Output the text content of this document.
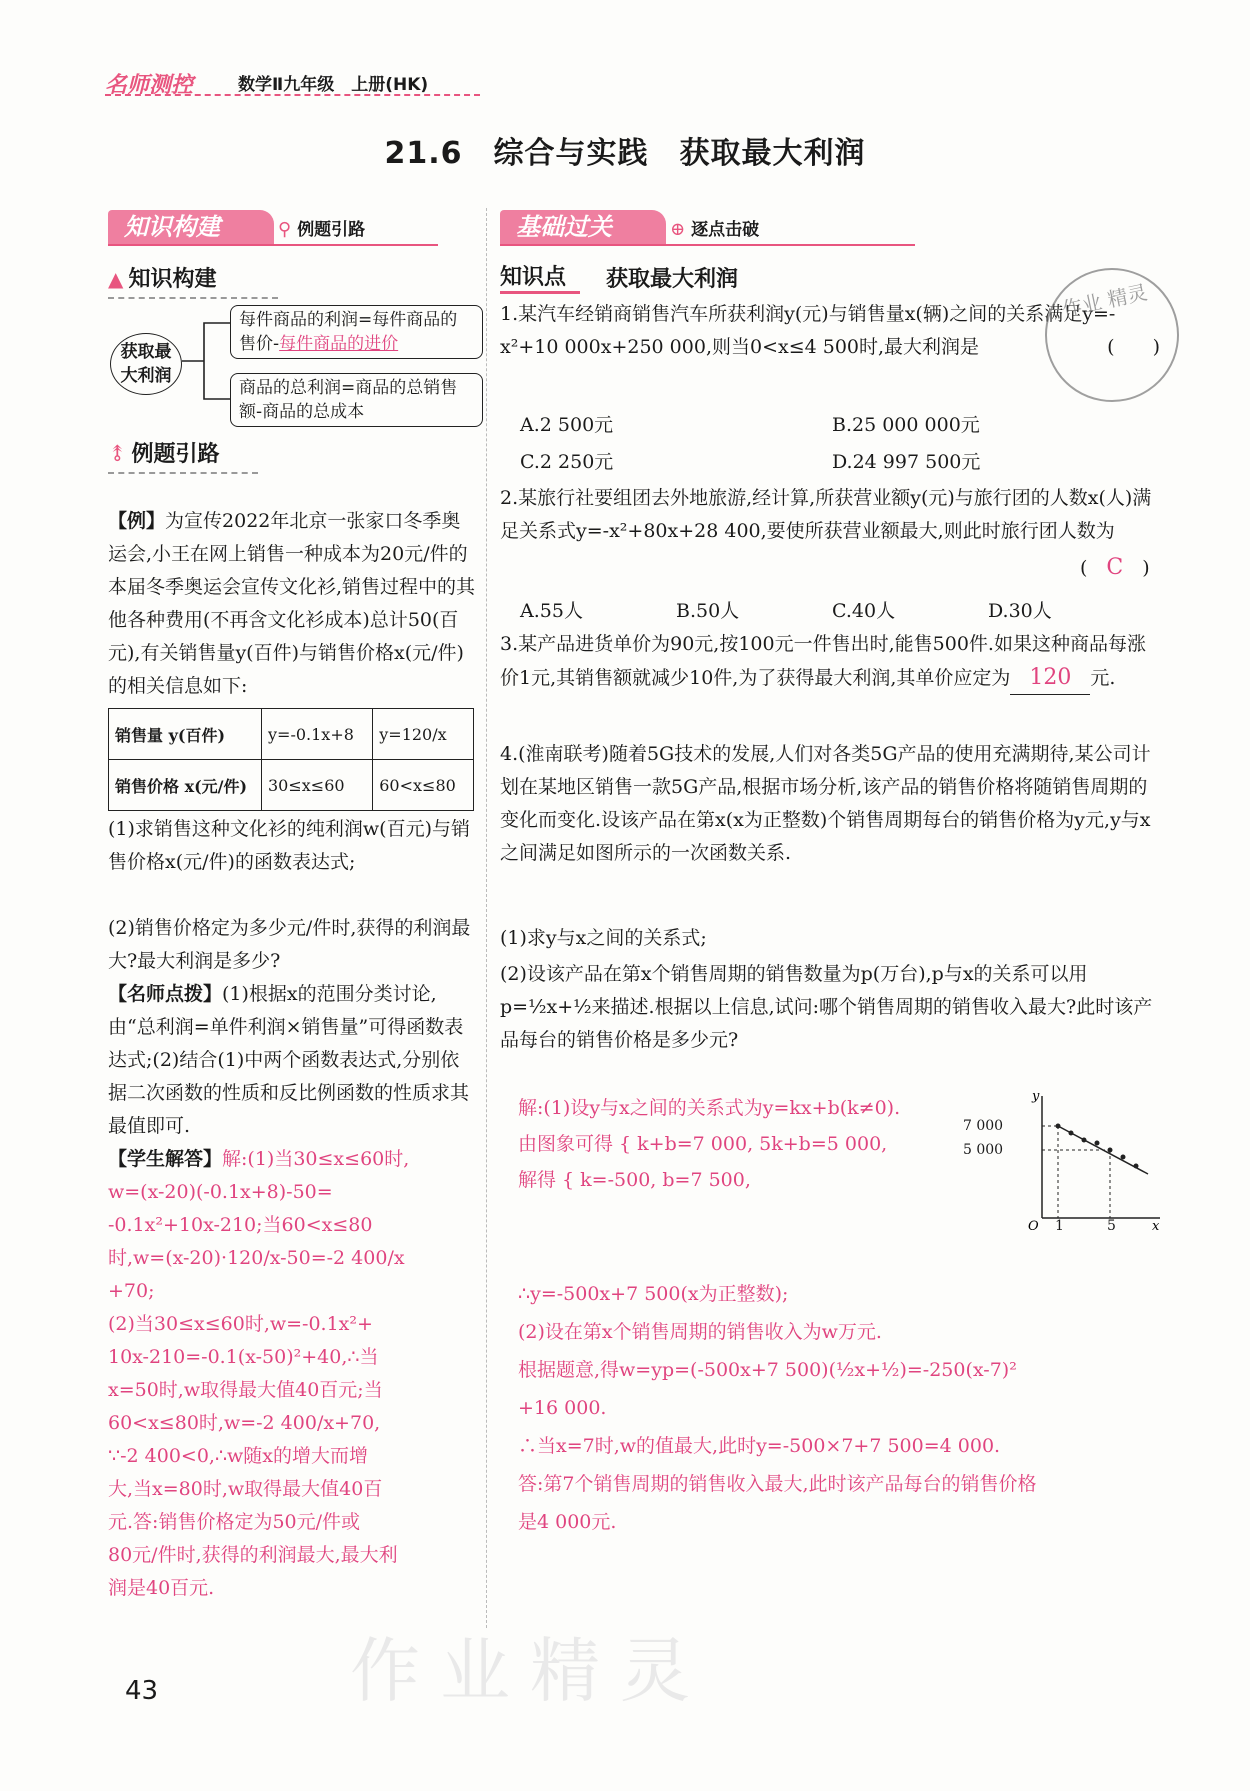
名师测控	数学Ⅱ九年级　上册(HK)
21.6　综合与实践　获取最大利润
知识构建	⚲ 例题引路
▲ 知识构建
获取最大利润
每件商品的利润=每件商品的售价-每件商品的进价
商品的总利润=商品的总销售额-商品的总成本
⥉ 例题引路
【例】为宣传2022年北京一张家口冬季奥运会,小王在网上销售一种成本为20元/件的本届冬季奥运会宣传文化衫,销售过程中的其他各种费用(不再含文化衫成本)总计50(百元),有关销售量y(百件)与销售价格x(元/件)的相关信息如下:
销售量 y(百件)	y=-0.1x+8	y=120/x
销售价格 x(元/件)	30≤x≤60	60<x≤80
(1)求销售这种文化衫的纯利润w(百元)与销售价格x(元/件)的函数表达式;
(2)销售价格定为多少元/件时,获得的利润最大?最大利润是多少?
【名师点拨】(1)根据x的范围分类讨论,由“总利润=单件利润×销售量”可得函数表达式;(2)结合(1)中两个函数表达式,分别依据二次函数的性质和反比例函数的性质求其最值即可.
【学生解答】解:(1)当30≤x≤60时,
w=(x-20)(-0.1x+8)-50=
-0.1x²+10x-210;当60<x≤80
时,w=(x-20)·120/x-50=-2 400/x
+70;
(2)当30≤x≤60时,w=-0.1x²+
10x-210=-0.1(x-50)²+40,∴当
x=50时,w取得最大值40百元;当
60<x≤80时,w=-2 400/x+70,
∵-2 400<0,∴w随x的增大而增
大,当x=80时,w取得最大值40百
元.答:销售价格定为50元/件或
80元/件时,获得的利润最大,最大利
润是40百元.
基础过关	⊕ 逐点击破
知识点	获取最大利润
1.某汽车经销商销售汽车所获利润y(元)与销售量x(辆)之间的关系满足y=-x²+10 000x+250 000,则当0<x≤4 500时,最大利润是	(　　)
A.2 500元	B.25 000 000元
C.2 250元	D.24 997 500元
2.某旅行社要组团去外地旅游,经计算,所获营业额y(元)与旅行团的人数x(人)满足关系式y=-x²+80x+28 400,要使所获营业额最大,则此时旅行团人数为
(　C　)
A.55人	B.50人	C.40人	D.30人
3.某产品进货单价为90元,按100元一件售出时,能售500件.如果这种商品每涨价1元,其销售额就减少10件,为了获得最大利润,其单价应定为 120 元.
4.(淮南联考)随着5G技术的发展,人们对各类5G产品的使用充满期待,某公司计划在某地区销售一款5G产品,根据市场分析,该产品的销售价格将随销售周期的变化而变化.设该产品在第x(x为正整数)个销售周期每台的销售价格为y元,y与x之间满足如图所示的一次函数关系.
(1)求y与x之间的关系式;
(2)设该产品在第x个销售周期的销售数量为p(万台),p与x的关系可以用p=½x+½来描述.根据以上信息,试问:哪个销售周期的销售收入最大?此时该产品每台的销售价格是多少元?
y
x
O
7 000
5 000
1	5
解:(1)设y与x之间的关系式为y=kx+b(k≠0).
由图象可得 { k+b=7 000, 5k+b=5 000,
解得 { k=-500, b=7 500,
∴y=-500x+7 500(x为正整数);
(2)设在第x个销售周期的销售收入为w万元.
根据题意,得w=yp=(-500x+7 500)(½x+½)=-250(x-7)²
+16 000.
∴当x=7时,w的值最大,此时y=-500×7+7 500=4 000.
答:第7个销售周期的销售收入最大,此时该产品每台的销售价格
是4 000元.
作业 精灵
作业精灵
43
